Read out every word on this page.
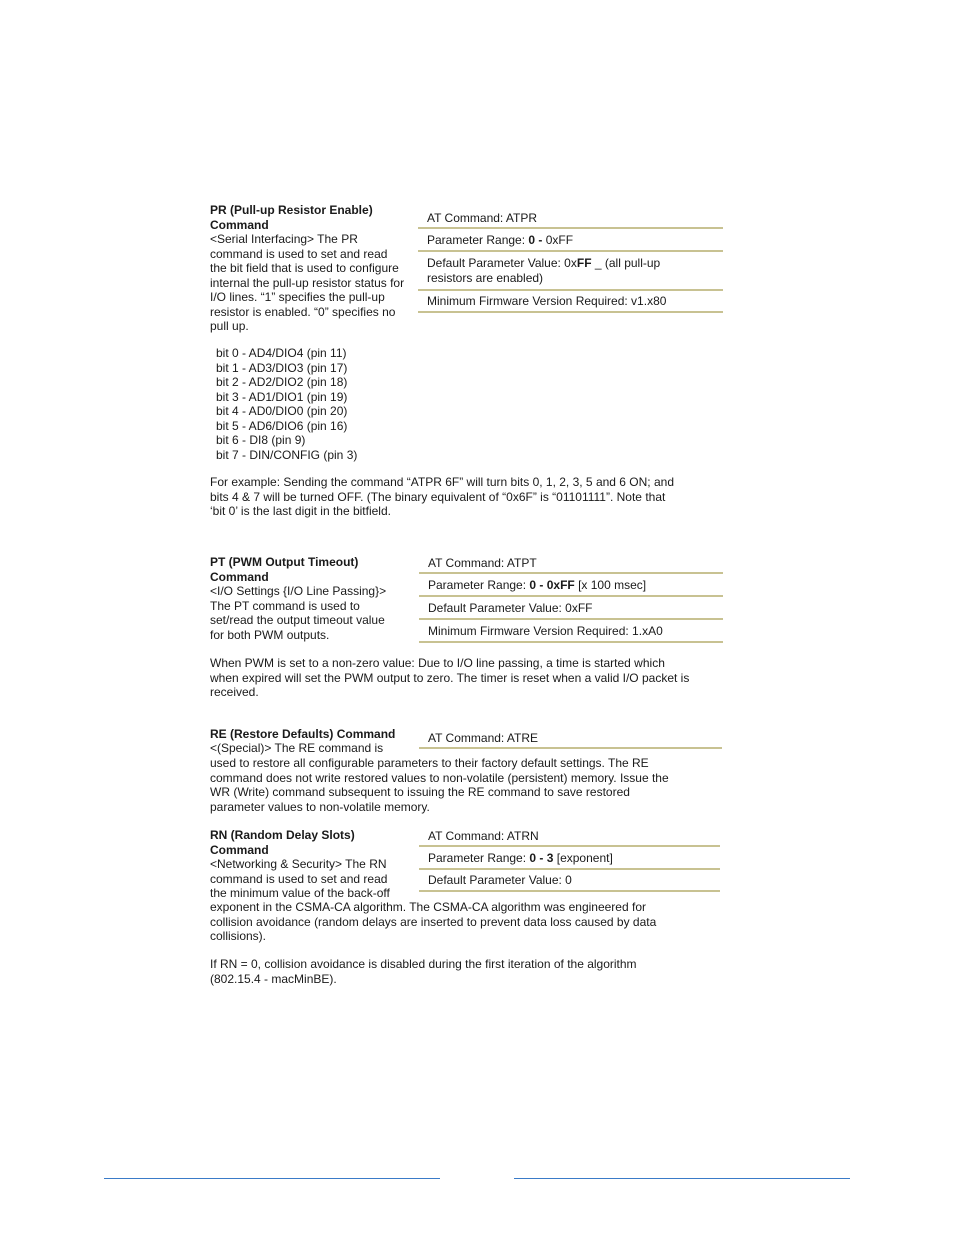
PR (Pull-up Resistor Enable) Command
<Serial Interfacing> The PR command is used to set and read the bit field that is used to configure internal the pull-up resistor status for I/O lines. “1” specifies the pull-up resistor is enabled. “0” specifies no pull up.
AT Command: ATPR
Parameter Range: 0 - 0xFF
Default Parameter Value: 0xFF _ (all pull-up resistors are enabled)
Minimum Firmware Version Required: v1.x80
bit 0 - AD4/DIO4 (pin 11)
bit 1 - AD3/DIO3 (pin 17)
bit 2 - AD2/DIO2 (pin 18)
bit 3 - AD1/DIO1 (pin 19)
bit 4 - AD0/DIO0 (pin 20)
bit 5 - AD6/DIO6 (pin 16)
bit 6 - DI8 (pin 9)
bit 7 - DIN/CONFIG (pin 3)
For example: Sending the command “ATPR 6F” will turn bits 0, 1, 2, 3, 5 and 6 ON; and bits 4 & 7 will be turned OFF. (The binary equivalent of “0x6F” is “01101111”. Note that ‘bit 0’ is the last digit in the bitfield.
PT (PWM Output Timeout) Command
<I/O Settings {I/O Line Passing}> The PT command is used to set/read the output timeout value for both PWM outputs.
AT Command: ATPT
Parameter Range: 0 - 0xFF [x 100 msec]
Default Parameter Value: 0xFF
Minimum Firmware Version Required: 1.xA0
When PWM is set to a non-zero value: Due to I/O line passing, a time is started which when expired will set the PWM output to zero. The timer is reset when a valid I/O packet is received.
RE (Restore Defaults) Command
<(Special)> The RE command is
used to restore all configurable parameters to their factory default settings. The RE command does not write restored values to non-volatile (persistent) memory. Issue the WR (Write) command subsequent to issuing the RE command to save restored parameter values to non-volatile memory.
AT Command: ATRE
RN (Random Delay Slots) Command
<Networking & Security> The RN command is used to set and read the minimum value of the back-off
exponent in the CSMA-CA algorithm. The CSMA-CA algorithm was engineered for collision avoidance (random delays are inserted to prevent data loss caused by data collisions).
AT Command: ATRN
Parameter Range: 0 - 3 [exponent]
Default Parameter Value: 0
If RN = 0, collision avoidance is disabled during the first iteration of the algorithm (802.15.4 - macMinBE).
